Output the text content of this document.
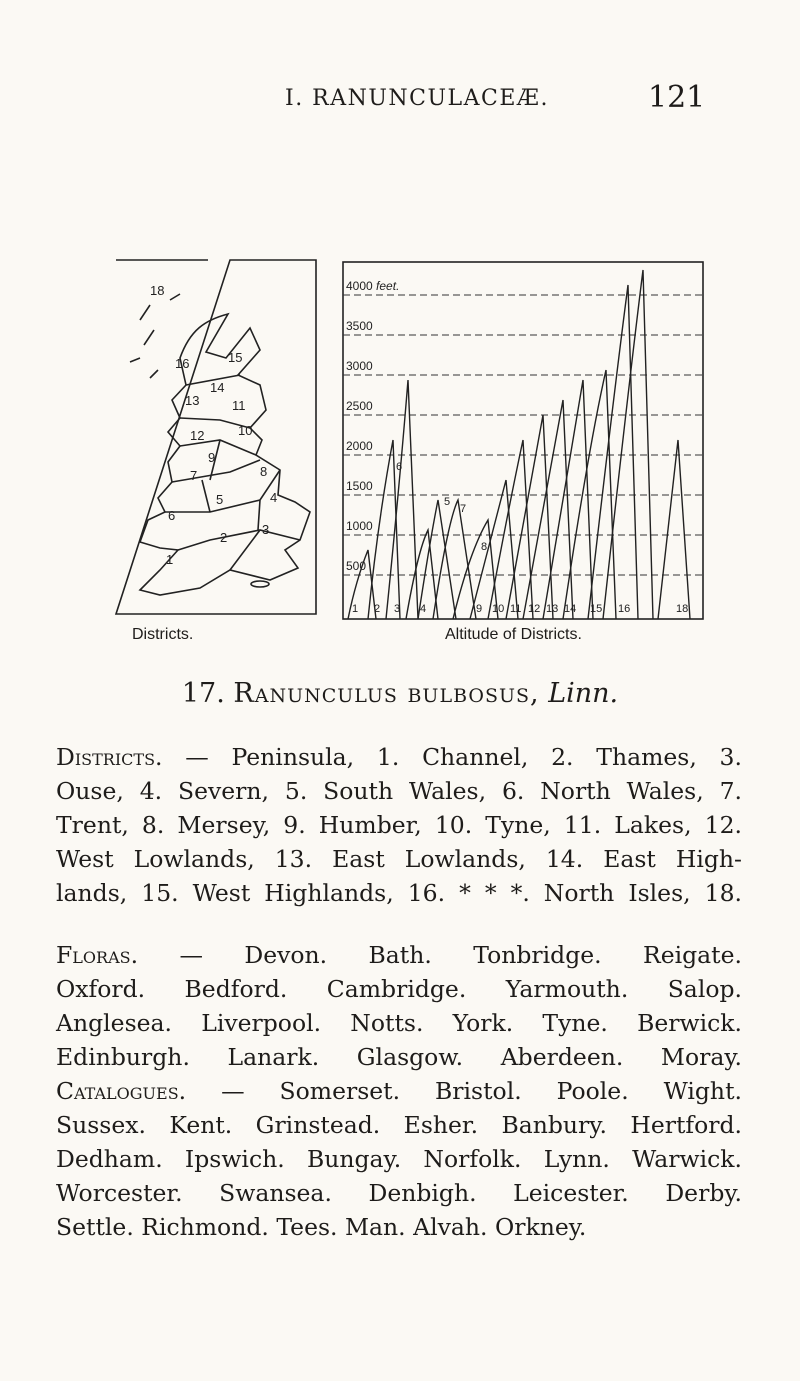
I. RANUNCULACEÆ.	121
18
16	15
14
13
12
11
10
9
8
7
6
5	4
3
2
1
4000 feet.
3500
3000
2500
2000
1500
1000
500
1 2 3 4
5
6
7
8
9 10 11 12 13 14 15 16	18
Districts.	Altitude of Districts.
17. Ranunculus bulbosus, Linn.
Districts. — Peninsula, 1. Channel, 2. Thames, 3.
Ouse, 4. Severn, 5. South Wales, 6. North Wales, 7.
Trent, 8. Mersey, 9. Humber, 10. Tyne, 11. Lakes, 12.
West Lowlands, 13. East Lowlands, 14. East High-
lands, 15. West Highlands, 16. * * *. North Isles, 18.
Floras. — Devon. Bath. Tonbridge. Reigate.
Oxford. Bedford. Cambridge. Yarmouth. Salop.
Anglesea. Liverpool. Notts. York. Tyne. Berwick.
Edinburgh. Lanark. Glasgow. Aberdeen. Moray.
Catalogues. — Somerset. Bristol. Poole. Wight.
Sussex. Kent. Grinstead. Esher. Banbury. Hertford.
Dedham. Ipswich. Bungay. Norfolk. Lynn. Warwick.
Worcester. Swansea. Denbigh. Leicester. Derby.
Settle. Richmond. Tees. Man. Alvah. Orkney.
